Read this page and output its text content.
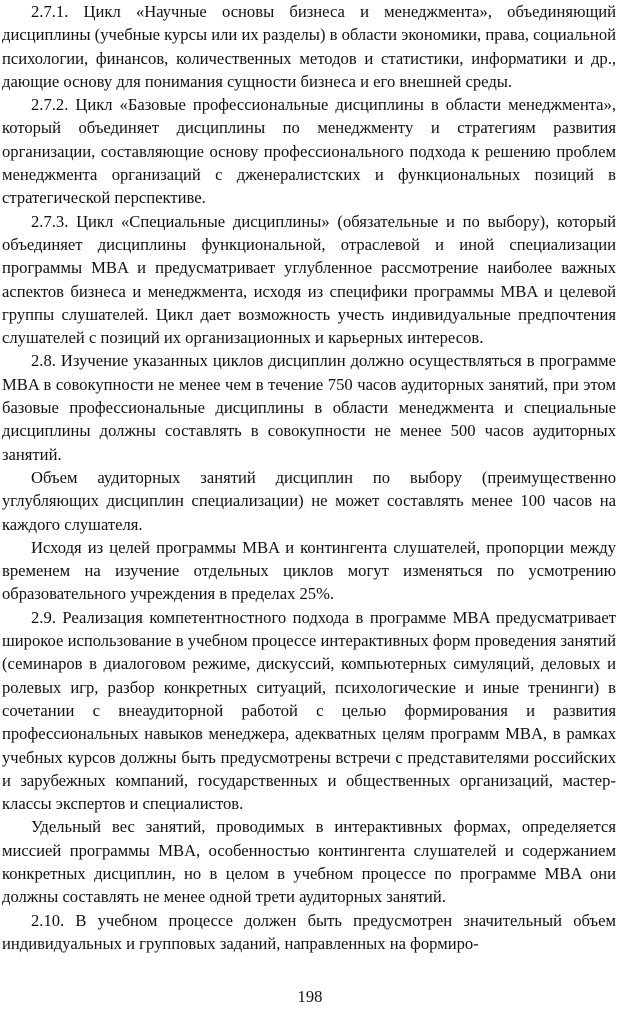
2.7.1. Цикл «Научные основы бизнеса и менеджмента», объединяющий дисциплины (учебные курсы или их разделы) в области экономики, права, социальной психологии, финансов, количественных методов и статистики, информатики и др., дающие основу для понимания сущности бизнеса и его внешней среды.

2.7.2. Цикл «Базовые профессиональные дисциплины в области менеджмента», который объединяет дисциплины по менеджменту и стратегиям развития организации, составляющие основу профессионального подхода к решению проблем менеджмента организаций с дженералистских и функциональных позиций в стратегической перспективе.

2.7.3. Цикл «Специальные дисциплины» (обязательные и по выбору), который объединяет дисциплины функциональной, отраслевой и иной специализации программы MBA и предусматривает углубленное рассмотрение наиболее важных аспектов бизнеса и менеджмента, исходя из специфики программы MBA и целевой группы слушателей. Цикл дает возможность учесть индивидуальные предпочтения слушателей с позиций их организационных и карьерных интересов.

2.8. Изучение указанных циклов дисциплин должно осуществляться в программе MBA в совокупности не менее чем в течение 750 часов аудиторных занятий, при этом базовые профессиональные дисциплины в области менеджмента и специальные дисциплины должны составлять в совокупности не менее 500 часов аудиторных занятий.

Объем аудиторных занятий дисциплин по выбору (преимущественно углубляющих дисциплин специализации) не может составлять менее 100 часов на каждого слушателя.

Исходя из целей программы MBA и контингента слушателей, пропорции между временем на изучение отдельных циклов могут изменяться по усмотрению образовательного учреждения в пределах 25%.

2.9. Реализация компетентностного подхода в программе MBA предусматривает широкое использование в учебном процессе интерактивных форм проведения занятий (семинаров в диалоговом режиме, дискуссий, компьютерных симуляций, деловых и ролевых игр, разбор конкретных ситуаций, психологические и иные тренинги) в сочетании с внеаудиторной работой с целью формирования и развития профессиональных навыков менеджера, адекватных целям программ MBA, в рамках учебных курсов должны быть предусмотрены встречи с представителями российских и зарубежных компаний, государственных и общественных организаций, мастер-классы экспертов и специалистов.

Удельный вес занятий, проводимых в интерактивных формах, определяется миссией программы MBA, особенностью контингента слушателей и содержанием конкретных дисциплин, но в целом в учебном процессе по программе MBA они должны составлять не менее одной трети аудиторных занятий.

2.10. В учебном процессе должен быть предусмотрен значительный объем индивидуальных и групповых заданий, направленных на формиро-

198
